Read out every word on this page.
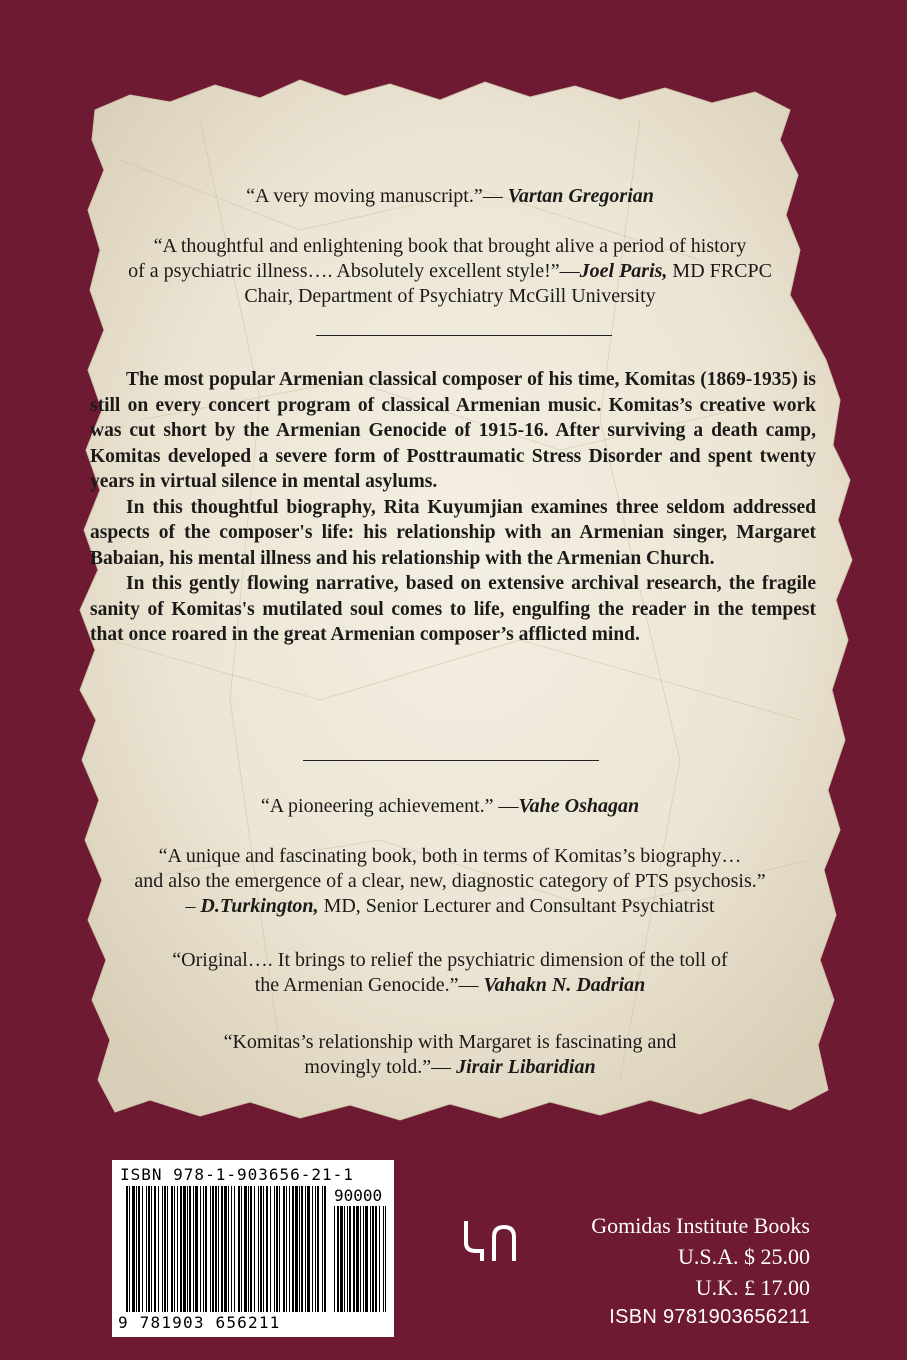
“A very moving manuscript.”— Vartan Gregorian
“A thoughtful and enlightening book that brought alive a period of history
of a psychiatric illness…. Absolutely excellent style!”—Joel Paris, MD FRCPC
Chair, Department of Psychiatry McGill University

The most popular Armenian classical composer of his time, Komitas (1869-1935) is still on every concert program of classical Armenian music. Komitas’s creative work was cut short by the Armenian Genocide of 1915-16. After surviving a death camp, Komitas developed a severe form of Posttraumatic Stress Disorder and spent twenty years in virtual silence in mental asylums.

In this thoughtful biography, Rita Kuyumjian examines three seldom addressed aspects of the composer's life: his relationship with an Armenian singer, Margaret Babaian, his mental illness and his relationship with the Armenian Church.

In this gently flowing narrative, based on extensive archival research, the fragile sanity of Komitas's mutilated soul comes to life, engulfing the reader in the tempest that once roared in the great Armenian composer’s afflicted mind.

“A pioneering achievement.” —Vahe Oshagan
“A unique and fascinating book, both in terms of Komitas’s biography…
and also the emergence of a clear, new, diagnostic category of PTS psychosis.”
– D.Turkington, MD, Senior Lecturer and Consultant Psychiatrist
“Original…. It brings to relief the psychiatric dimension of the toll of
the Armenian Genocide.”— Vahakn N. Dadrian
“Komitas’s relationship with Margaret is fascinating and
movingly told.”— Jirair Libaridian
ISBN 978-1-903656-21-1
90000
9 781903 656211
Gomidas Institute Books
U.S.A. $ 25.00
U.K. £ 17.00
ISBN 9781903656211
